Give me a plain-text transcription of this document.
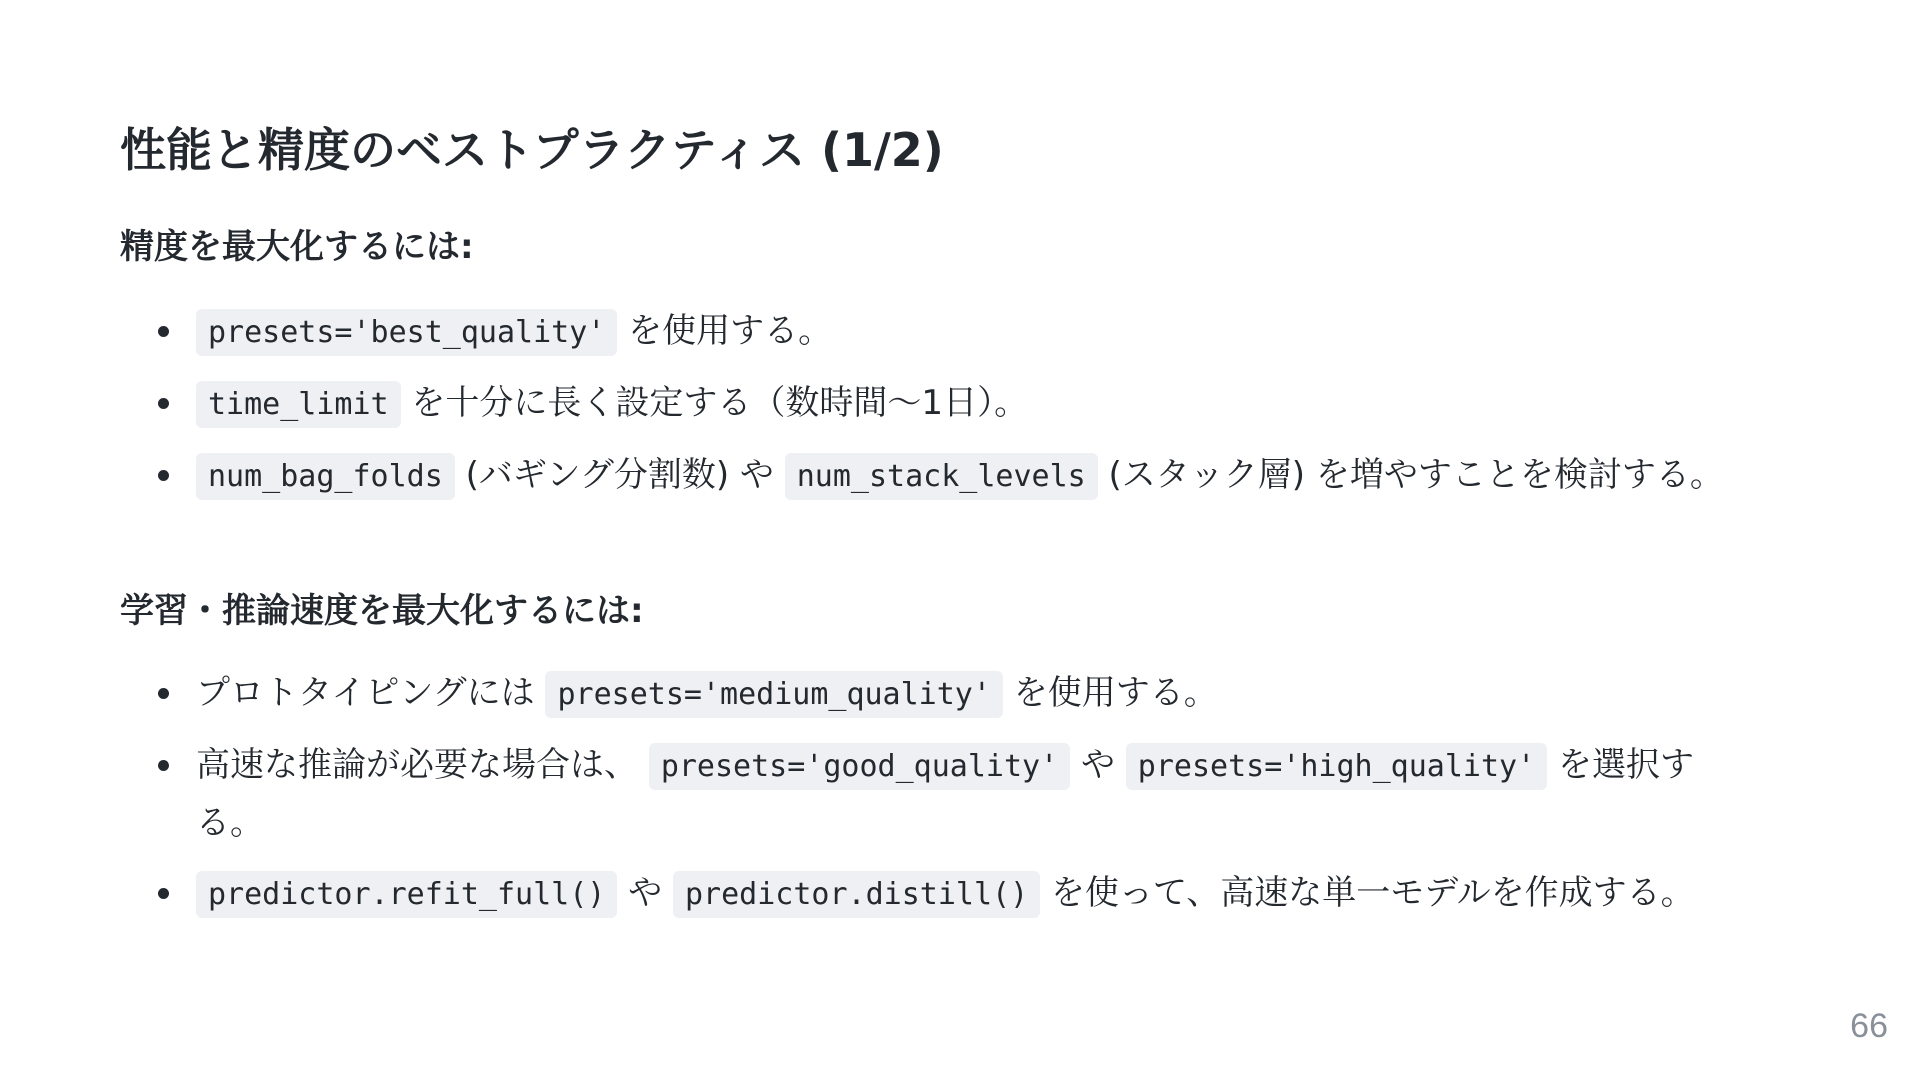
性能と精度のベストプラクティス (1/2)
精度を最大化するには:
presets='best_quality' を使用する。
time_limit を十分に長く設定する（数時間〜1日）。
num_bag_folds (バギング分割数) や num_stack_levels (スタック層) を増やすことを検討する。
学習・推論速度を最大化するには:
プロトタイピングには presets='medium_quality' を使用する。
高速な推論が必要な場合は、 presets='good_quality' や presets='high_quality' を選択する。
predictor.refit_full() や predictor.distill() を使って、高速な単一モデルを作成する。
66
